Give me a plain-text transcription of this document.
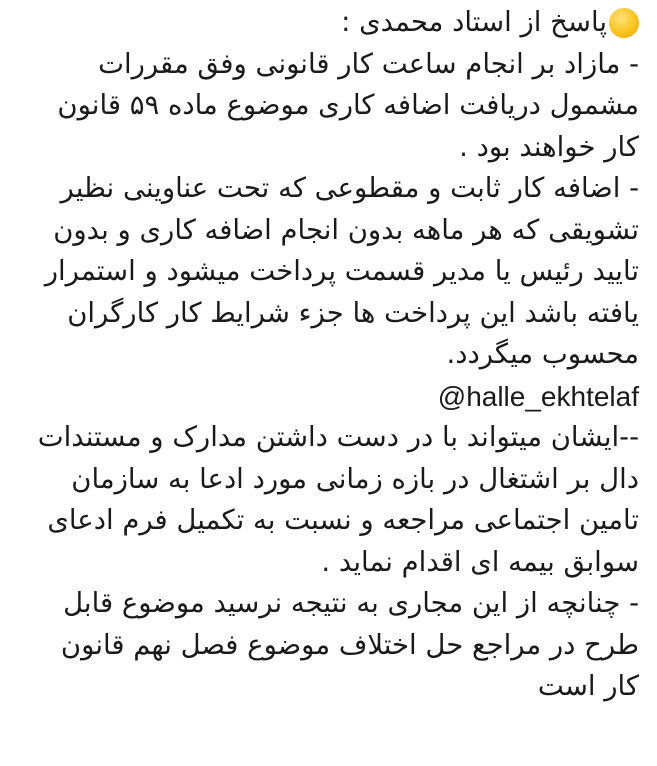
پاسخ از استاد محمدی :
- مازاد بر انجام ساعت کار قانونی وفق مقررات
مشمول دریافت اضافه کاری موضوع ماده ۵۹ قانون
کار خواهند بود .
- اضافه کار ثابت و مقطوعی که تحت عناوینی نظیر
تشویقی که هر ماهه بدون انجام اضافه کاری و بدون
تایید رئیس یا مدیر قسمت پرداخت میشود و استمرار
یافته باشد این پرداخت ها جزء شرایط کار کارگران
محسوب میگردد.
@halle_ekhtelaf
--ایشان میتواند با در دست داشتن مدارک و مستندات
دال بر اشتغال در بازه زمانی مورد ادعا به سازمان
تامین اجتماعی مراجعه و نسبت به تکمیل فرم ادعای
سوابق بیمه ای اقدام نماید .
- چنانچه از این مجاری به نتیجه نرسید موضوع قابل
طرح در مراجع حل اختلاف موضوع فصل نهم قانون
کار است
